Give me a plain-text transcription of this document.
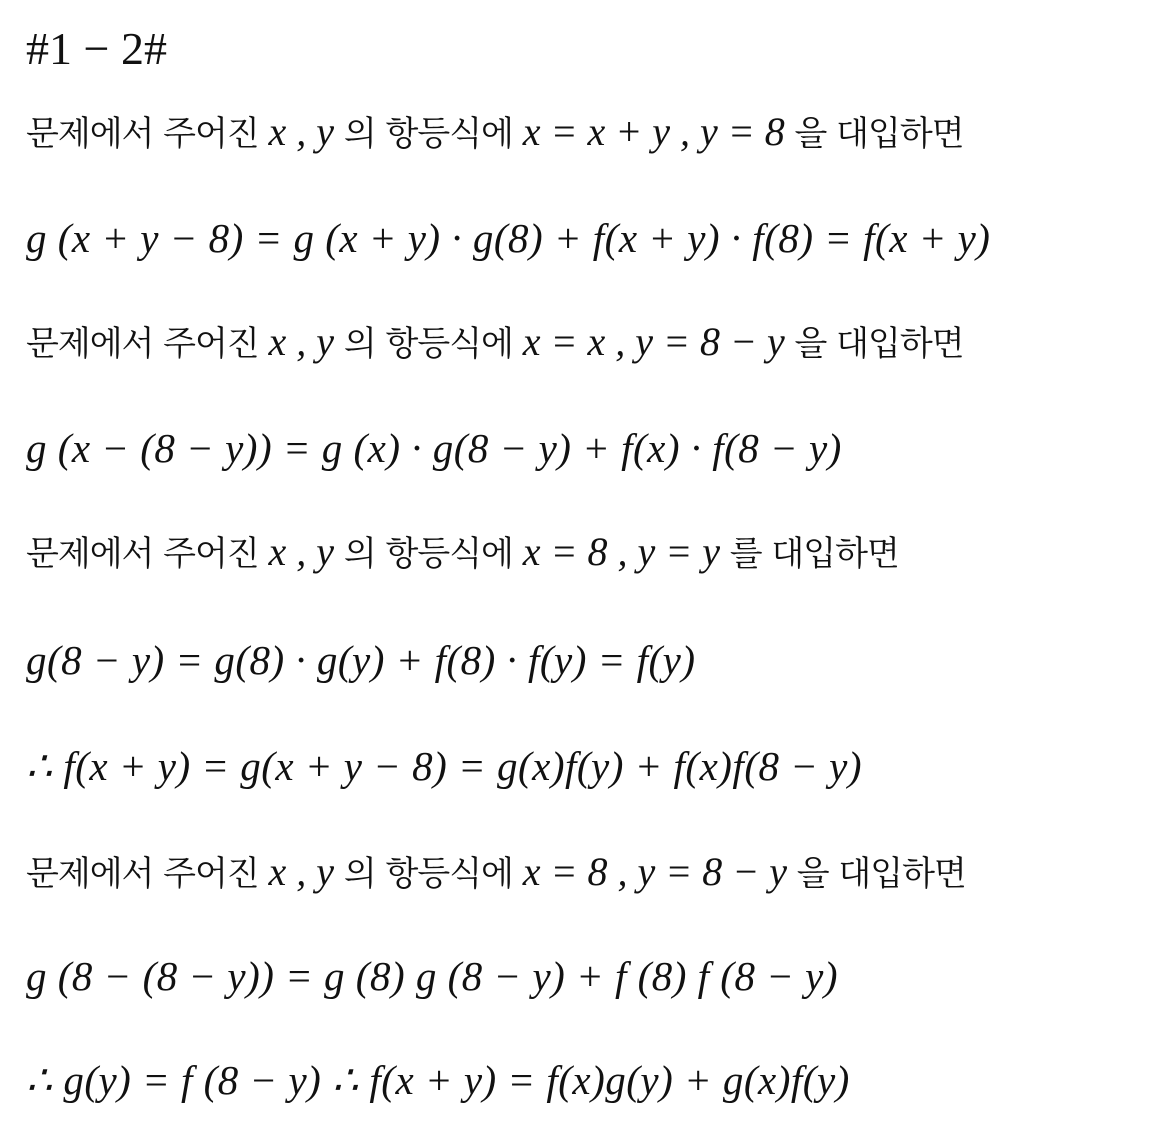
#1 − 2#
문제에서 주어진 x , y 의 항등식에 x = x + y , y = 8 을 대입하면
g (x + y − 8) = g (x + y) · g(8) + f(x + y) · f(8) = f(x + y)
문제에서 주어진 x , y 의 항등식에 x = x , y = 8 − y 을 대입하면
g (x − (8 − y)) = g (x) · g(8 − y) + f(x) · f(8 − y)
문제에서 주어진 x , y 의 항등식에 x = 8 , y = y 를 대입하면
g(8 − y) = g(8) · g(y) + f(8) · f(y) = f(y)
∴ f(x + y) = g(x + y − 8) = g(x)f(y) + f(x)f(8 − y)
문제에서 주어진 x , y 의 항등식에 x = 8 , y = 8 − y 을 대입하면
g (8 − (8 − y)) = g (8) g (8 − y) + f (8) f (8 − y)
∴ g(y) = f (8 − y) ∴ f(x + y) = f(x)g(y) + g(x)f(y)
